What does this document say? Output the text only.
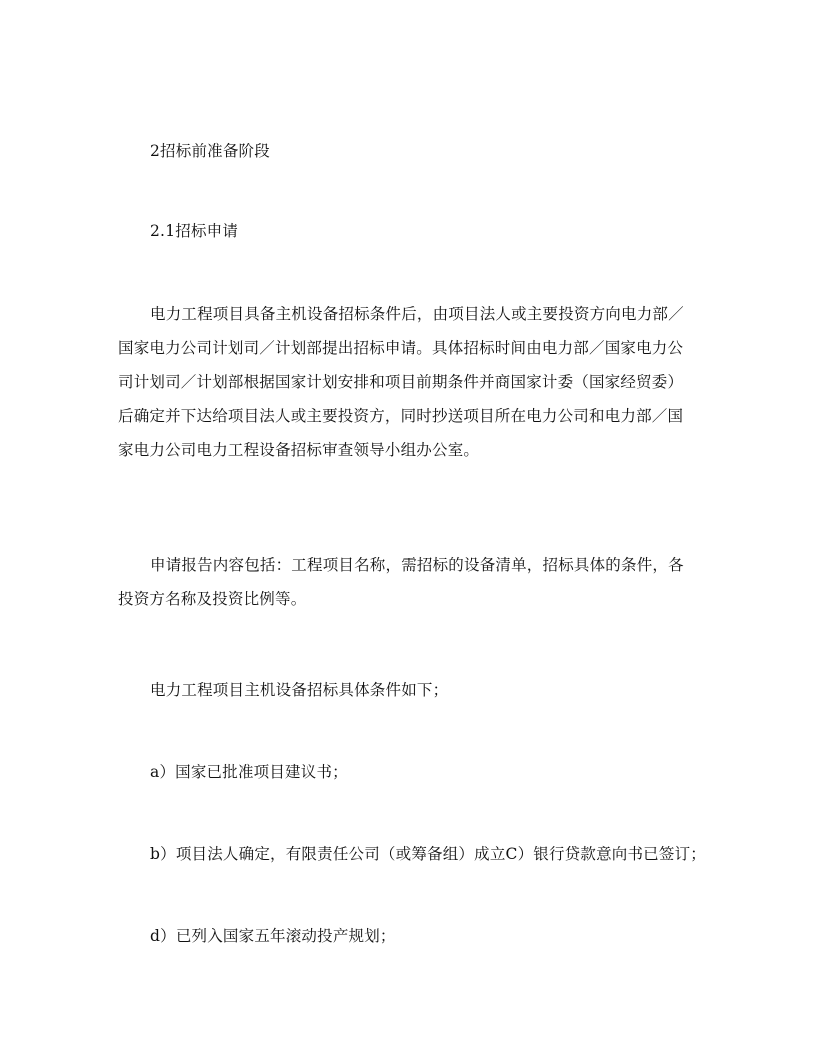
2招标前准备阶段
2.1招标申请
电力工程项目具备主机设备招标条件后，由项目法人或主要投资方向电力部／
国家电力公司计划司／计划部提出招标申请。具体招标时间由电力部／国家电力公
司计划司／计划部根据国家计划安排和项目前期条件并商国家计委（国家经贸委）
后确定并下达给项目法人或主要投资方，同时抄送项目所在电力公司和电力部／国
家电力公司电力工程设备招标审查领导小组办公室。
申请报告内容包括：工程项目名称，需招标的设备清单，招标具体的条件，各
投资方名称及投资比例等。
电力工程项目主机设备招标具体条件如下；
a）国家已批准项目建议书；
b）项目法人确定，有限责任公司（或筹备组）成立C）银行贷款意向书已签订；
d）已列入国家五年滚动投产规划；
